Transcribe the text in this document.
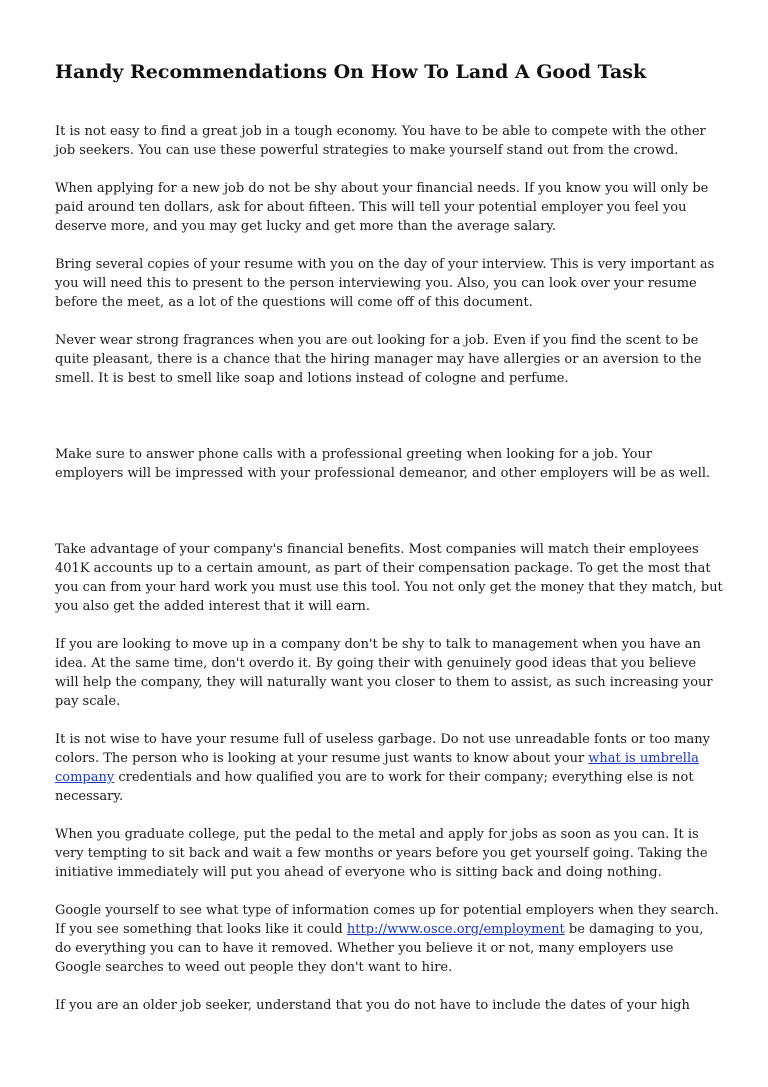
Handy Recommendations On How To Land A Good Task

It is not easy to find a great job in a tough economy. You have to be able to compete with the other job seekers. You can use these powerful strategies to make yourself stand out from the crowd.

When applying for a new job do not be shy about your financial needs. If you know you will only be paid around ten dollars, ask for about fifteen. This will tell your potential employer you feel you deserve more, and you may get lucky and get more than the average salary.

Bring several copies of your resume with you on the day of your interview. This is very important as you will need this to present to the person interviewing you. Also, you can look over your resume before the meet, as a lot of the questions will come off of this document.

Never wear strong fragrances when you are out looking for a job. Even if you find the scent to be quite pleasant, there is a chance that the hiring manager may have allergies or an aversion to the smell. It is best to smell like soap and lotions instead of cologne and perfume.

Make sure to answer phone calls with a professional greeting when looking for a job. Your employers will be impressed with your professional demeanor, and other employers will be as well.

Take advantage of your company's financial benefits. Most companies will match their employees 401K accounts up to a certain amount, as part of their compensation package. To get the most that you can from your hard work you must use this tool. You not only get the money that they match, but you also get the added interest that it will earn.

If you are looking to move up in a company don't be shy to talk to management when you have an idea. At the same time, don't overdo it. By going their with genuinely good ideas that you believe will help the company, they will naturally want you closer to them to assist, as such increasing your pay scale.

It is not wise to have your resume full of useless garbage. Do not use unreadable fonts or too many colors. The person who is looking at your resume just wants to know about your what is umbrella company credentials and how qualified you are to work for their company; everything else is not necessary.

When you graduate college, put the pedal to the metal and apply for jobs as soon as you can. It is very tempting to sit back and wait a few months or years before you get yourself going. Taking the initiative immediately will put you ahead of everyone who is sitting back and doing nothing.

Google yourself to see what type of information comes up for potential employers when they search. If you see something that looks like it could http://www.osce.org/employment be damaging to you, do everything you can to have it removed. Whether you believe it or not, many employers use Google searches to weed out people they don't want to hire.

If you are an older job seeker, understand that you do not have to include the dates of your high
